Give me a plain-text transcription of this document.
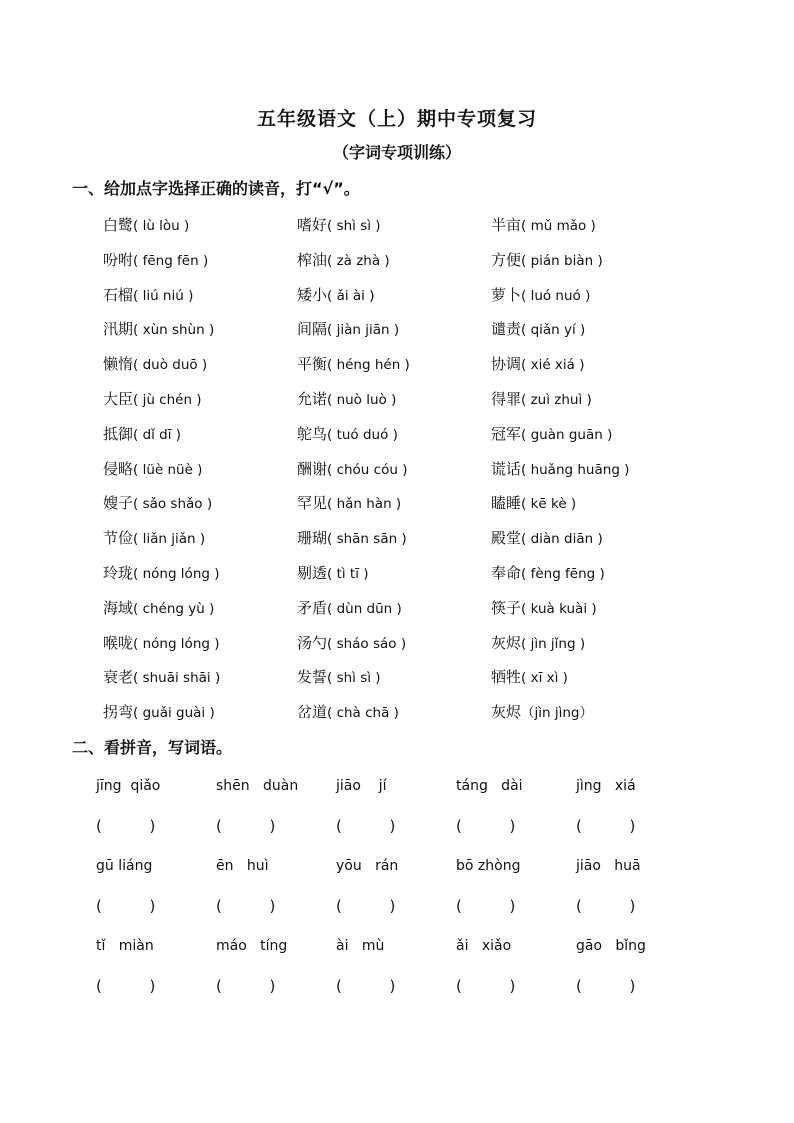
五年级语文（上）期中专项复习
（字词专项训练）
一、给加点字选择正确的读音，打“√”。
白鹭( lù lòu )	嗜好( shì sì )	半亩( mǔ mǎo )
吩咐( fēng fēn )	榨油( zà zhà )	方便( pián biàn )
石榴( liú niú )	矮小( ǎi ài )	萝卜( luó nuó )
汛期( xùn shùn )	间隔( jiàn jiān )	谴责( qiǎn yí )
懒惰( duò duō )	平衡( héng hén )	协调( xié xiá )
大臣( jù chén )	允诺( nuò luò )	得罪( zuì zhuì )
抵御( dǐ dī )	鸵鸟( tuó duó )	冠军( guàn guān )
侵略( lüè nüè )	酬谢( chóu cóu )	谎话( huǎng huāng )
嫂子( sǎo shǎo )	罕见( hǎn hàn )	瞌睡( kē kè )
节俭( liǎn jiǎn )	珊瑚( shān sān )	殿堂( diàn diān )
玲珑( nóng lóng )	剔透( tì tī )	奉命( fèng fēng )
海域( chéng yù )	矛盾( dùn dūn )	筷子( kuà kuài )
喉咙( nóng lóng )	汤勺( sháo sáo )	灰烬( jìn jǐng )
衰老( shuāi shāi )	发誓( shì sì )	牺牲( xī xì )
拐弯( guǎi guài )	岔道( chà chā )	灰烬（jìn jìng）
二、看拼音，写词语。
jīng  qiǎo	shēn   duàn	jiāo    jí	táng   dài	jìng   xiá
(          )	(          )	(          )	(          )	(          )
gū liáng	ēn   huì	yōu   rán	bō zhòng	jiāo   huā
(          )	(          )	(          )	(          )	(          )
tǐ   miàn	máo   tíng	ài   mù	ǎi   xiǎo	gāo   bǐng
(          )	(          )	(          )	(          )	(          )
